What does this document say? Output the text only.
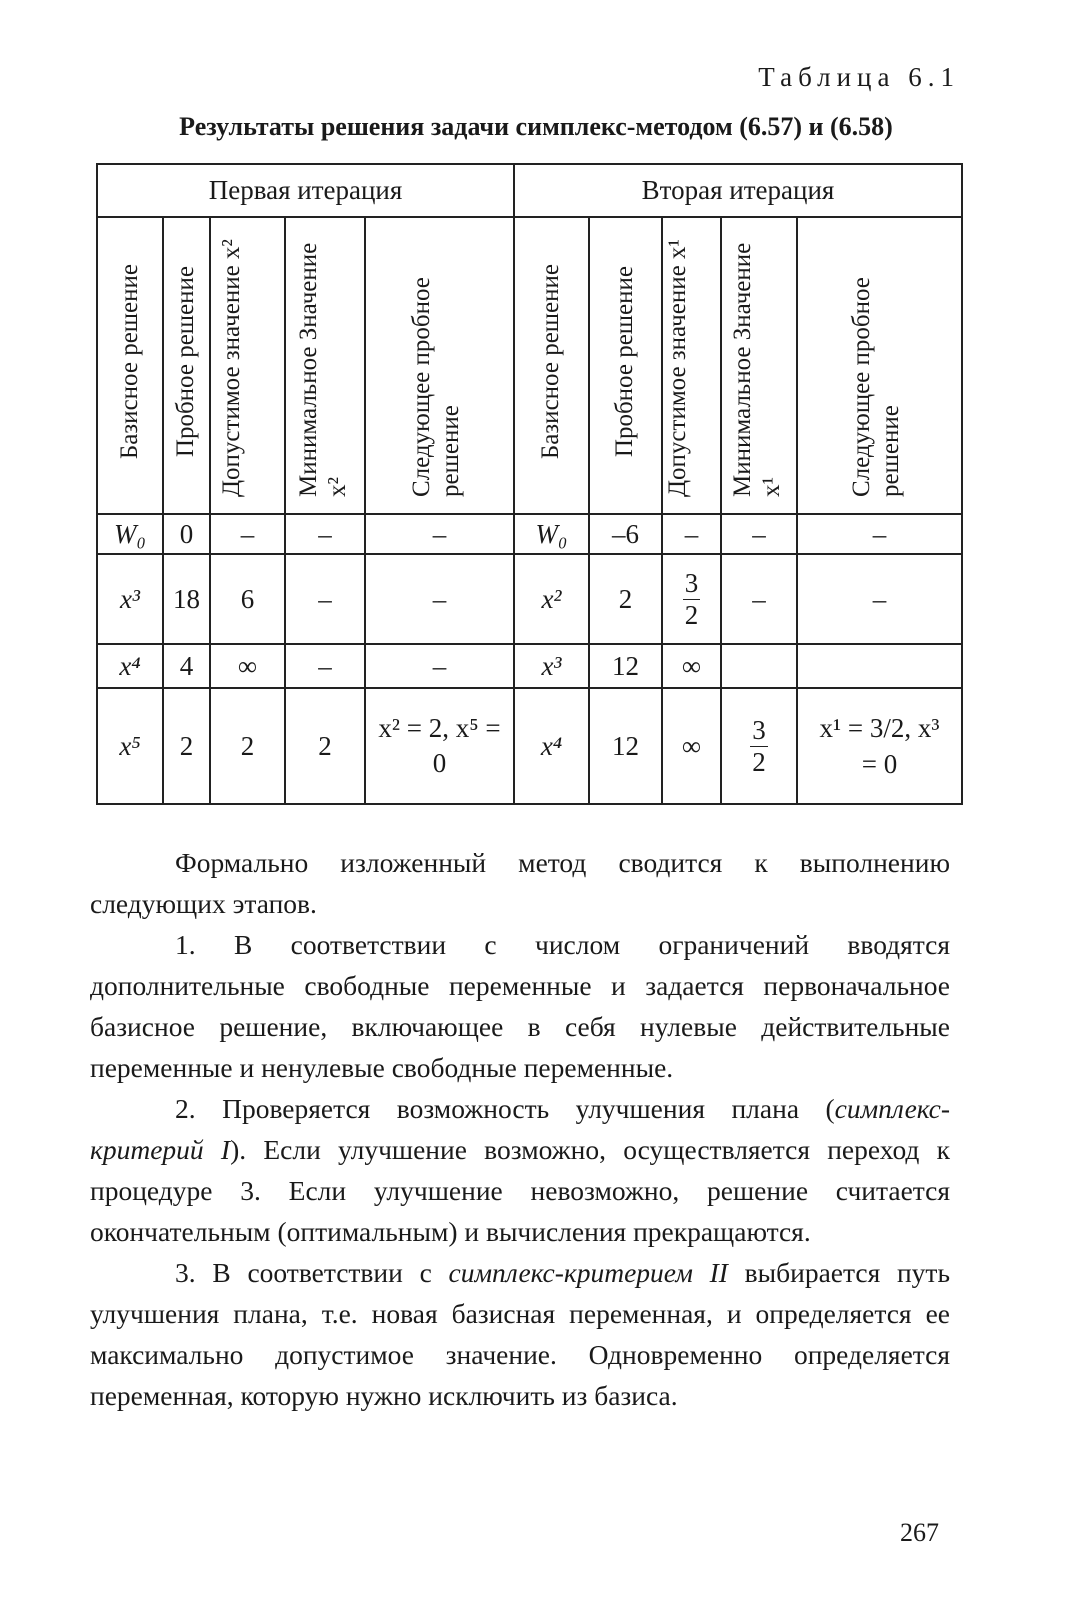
Таблица 6.1
Результаты решения задачи симплекс-методом (6.57) и (6.58)
Первая итерация					Вторая итерация				
Базисное решение	Пробное решение	Допустимое значение x²	Минимальное Значение x²	Следующее пробное решение	Базисное решение	Пробное решение	Допустимое значение x¹	Минимальное Значение x¹	Следующее пробное решение
W₀	0	–	–	–	W₀	–6	–	–	–
x³	18	6	–	–	x²	2	$\frac{3}{2}$	–	–
x⁴	4	∞	–	–	x³	12	∞		
x⁵	2	2	2	x² = 2, x⁵ = 0	x⁴	12	∞	$\frac{3}{2}$	x¹ = 3/2, x³ = 0

Формально изложенный метод сводится к выполнению следующих этапов.

1. В соответствии с числом ограничений вводятся дополнительные свободные переменные и задается первоначальное базисное решение, включающее в себя нулевые действительные переменные и ненулевые свободные переменные.

2. Проверяется возможность улучшения плана (симплекс-критерий I). Если улучшение возможно, осуществляется переход к процедуре 3. Если улучшение невозможно, решение считается окончательным (оптимальным) и вычисления прекращаются.

3. В соответствии с симплекс-критерием II выбирается путь улучшения плана, т.е. новая базисная переменная, и определяется ее максимально допустимое значение. Одновременно определяется переменная, которую нужно исключить из базиса.

267
